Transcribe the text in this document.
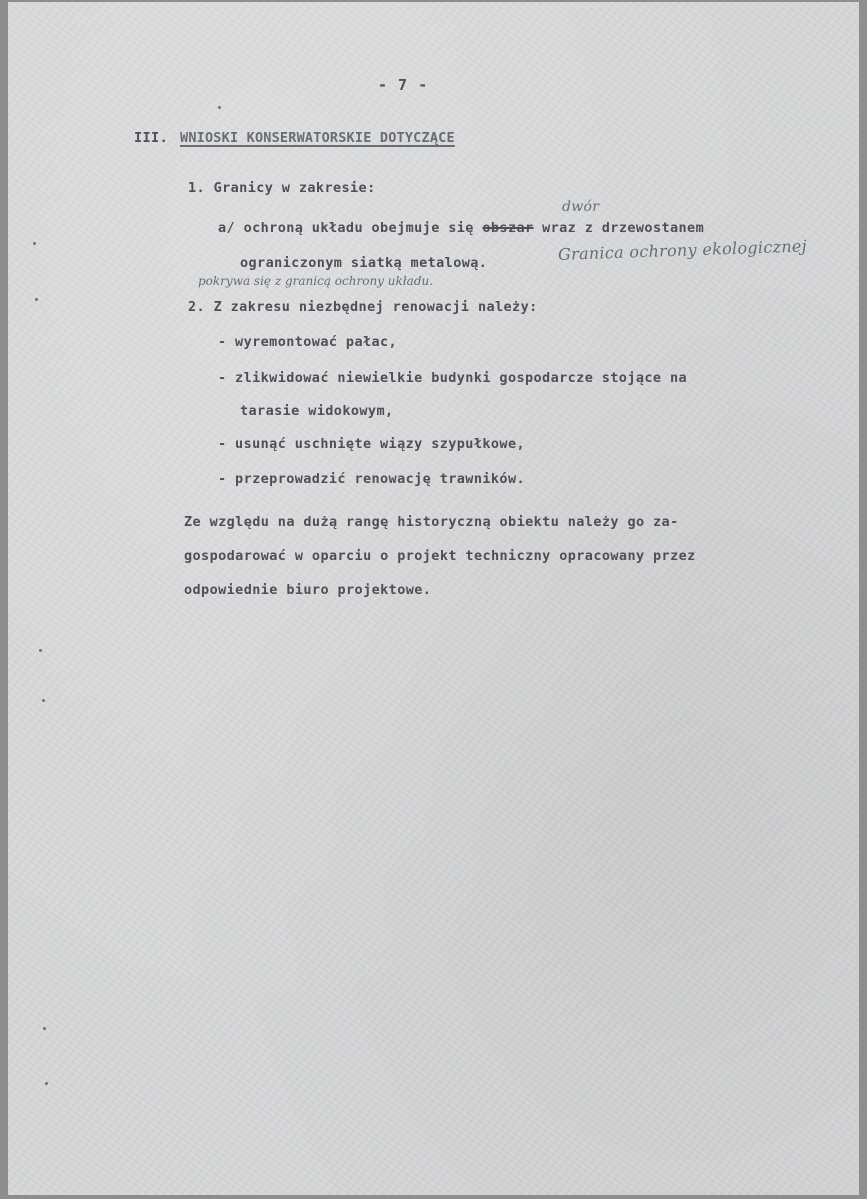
- 7 -
III. WNIOSKI KONSERWATORSKIE DOTYCZĄCE
1. Granicy w zakresie:
dwór
a/ ochroną układu obejmuje się obszar wraz z drzewostanem
ograniczonym siatką metalową.	Granica ochrony ekologicznej
pokrywa się z granicą ochrony układu.
2. Z zakresu niezbędnej renowacji należy:
- wyremontować pałac,
- zlikwidować niewielkie budynki gospodarcze stojące na
tarasie widokowym,
- usunąć uschnięte wiązy szypułkowe,
- przeprowadzić renowację trawników.
Ze względu na dużą rangę historyczną obiektu należy go za-
gospodarować w oparciu o projekt techniczny opracowany przez
odpowiednie biuro projektowe.
